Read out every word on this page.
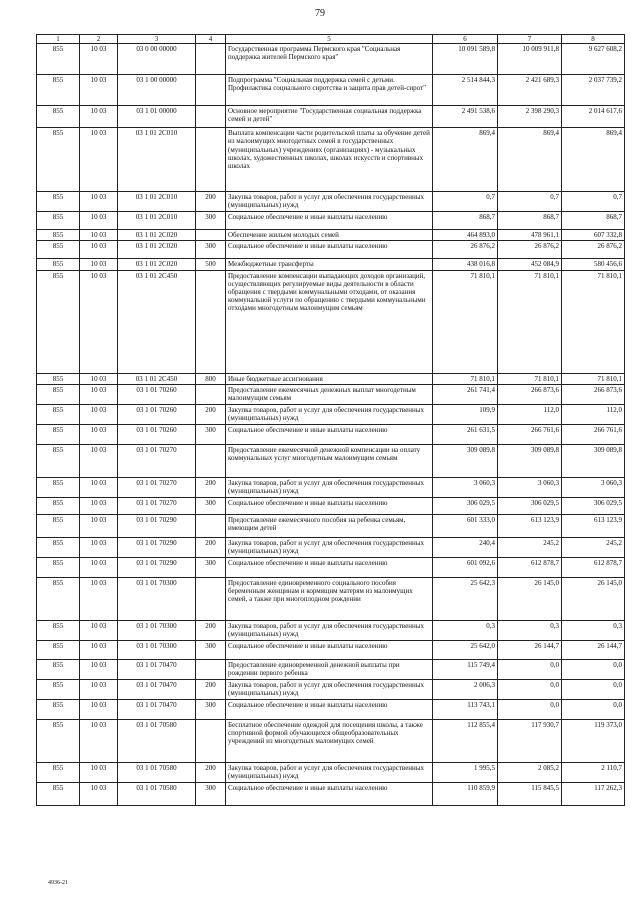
79
1	2	3	4	5	6	7	8
855	10 03	03 0 00 00000		Государственная программа Пермского края "Социальная поддержка жителей Пермского края"	10 091 589,8	10 009 911,8	9 627 608,2
855	10 03	03 1 00 00000		Подпрограмма "Социальная поддержка семей с детьми. Профилактика социального сиротства и защита прав детей-сирот"	2 514 844,3	2 421 689,3	2 037 739,2
855	10 03	03 1 01 00000		Основное мероприятие "Государственная социальная поддержка семей и детей"	2 491 538,6	2 398 290,3	2 014 617,6
855	10 03	03 1 01 2C010		Выплата компенсации части родительской платы за обучение детей из малоимущих многодетных семей в государственных (муниципальных) учреждениях (организациях) - музыкальных школах, художественных школах, школах искусств и спортивных школах	869,4	869,4	869,4
855	10 03	03 1 01 2C010	200	Закупка товаров, работ и услуг для обеспечения государственных (муниципальных) нужд	0,7	0,7	0,7
855	10 03	03 1 01 2C010	300	Социальное обеспечение и иные выплаты населению	868,7	868,7	868,7
855	10 03	03 1 01 2C020		Обеспечение жильем молодых семей	464 893,0	478 961,1	607 332,8
855	10 03	03 1 01 2C020	300	Социальное обеспечение и иные выплаты населению	26 876,2	26 876,2	26 876,2
855	10 03	03 1 01 2C020	500	Межбюджетные трансферты	438 016,8	452 084,9	580 456,6
855	10 03	03 1 01 2C450		Предоставление компенсации выпадающих доходов организаций, осуществляющих регулируемые виды деятельности в области обращения с твердыми коммунальными отходами, от оказания коммунальной услуги по обращению с твердыми коммунальными отходами многодетным малоимущим семьям	71 810,1	71 810,1	71 810,1
855	10 03	03 1 01 2C450	800	Иные бюджетные ассигнования	71 810,1	71 810,1	71 810,1
855	10 03	03 1 01 70260		Предоставление ежемесячных денежных выплат многодетным малоимущим семьям	261 741,4	266 873,6	266 873,6
855	10 03	03 1 01 70260	200	Закупка товаров, работ и услуг для обеспечения государственных (муниципальных) нужд	109,9	112,0	112,0
855	10 03	03 1 01 70260	300	Социальное обеспечение и иные выплаты населению	261 631,5	266 761,6	266 761,6
855	10 03	03 1 01 70270		Предоставление ежемесячной денежной компенсации на оплату коммунальных услуг многодетным малоимущим семьям	309 089,8	309 089,8	309 089,8
855	10 03	03 1 01 70270	200	Закупка товаров, работ и услуг для обеспечения государственных (муниципальных) нужд	3 060,3	3 060,3	3 060,3
855	10 03	03 1 01 70270	300	Социальное обеспечение и иные выплаты населению	306 029,5	306 029,5	306 029,5
855	10 03	03 1 01 70290		Предоставление ежемесячного пособия на ребенка семьям, имеющим детей	601 333,0	613 123,9	613 123,9
855	10 03	03 1 01 70290	200	Закупка товаров, работ и услуг для обеспечения государственных (муниципальных) нужд	240,4	245,2	245,2
855	10 03	03 1 01 70290	300	Социальное обеспечение и иные выплаты населению	601 092,6	612 878,7	612 878,7
855	10 03	03 1 01 70300		Предоставление единовременного социального пособия беременным женщинам и кормящим матерям из малоимущих семей, а также при многоплодном рождении	25 642,3	26 145,0	26 145,0
855	10 03	03 1 01 70300	200	Закупка товаров, работ и услуг для обеспечения государственных (муниципальных) нужд	0,3	0,3	0,3
855	10 03	03 1 01 70300	300	Социальное обеспечение и иные выплаты населению	25 642,0	26 144,7	26 144,7
855	10 03	03 1 01 70470		Предоставление единовременной денежной выплаты при рождении первого ребенка	115 749,4	0,0	0,0
855	10 03	03 1 01 70470	200	Закупка товаров, работ и услуг для обеспечения государственных (муниципальных) нужд	2 006,3	0,0	0,0
855	10 03	03 1 01 70470	300	Социальное обеспечение и иные выплаты населению	113 743,1	0,0	0,0
855	10 03	03 1 01 70580		Бесплатное обеспечение одеждой для посещения школы, а также спортивной формой обучающихся общеобразовательных учреждений из многодетных малоимущих семей	112 855,4	117 930,7	119 373,0
855	10 03	03 1 01 70580	200	Закупка товаров, работ и услуг для обеспечения государственных (муниципальных) нужд	1 995,5	2 085,2	2 110,7
855	10 03	03 1 01 70580	300	Социальное обеспечение и иные выплаты населению	110 859,9	115 845,5	117 262,3
4936-21
